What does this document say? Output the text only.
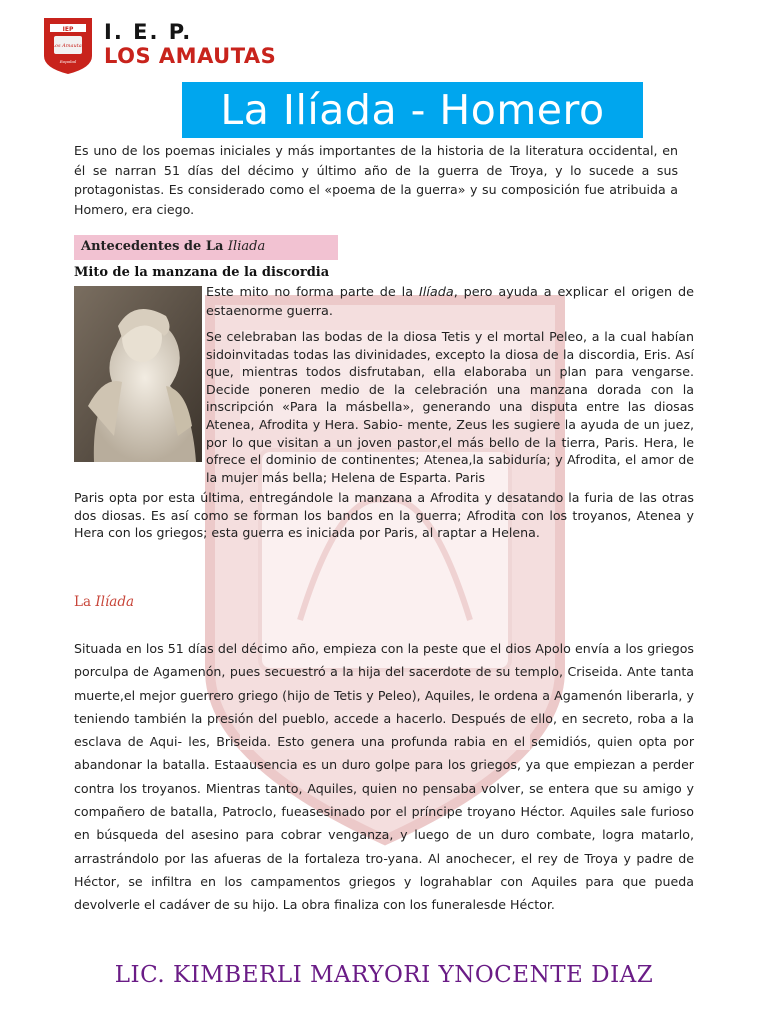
IEP
Los Amautas
Ropabal
I. E. P.
LOS AMAUTAS
La Ilíada - Homero
Es uno de los poemas iniciales y más importantes de la historia de la literatura occidental, en él se narran 51 días del décimo y último año de la guerra de Troya, y lo sucede a sus protagonistas. Es considerado como el «poema de la guerra» y su composición fue atribuida a Homero, era ciego.
Antecedentes de La Iliada
Mito de la manzana de la discordia
Este mito no forma parte de la Ilíada, pero ayuda a explicar el origen de estaenorme guerra.
Se celebraban las bodas de la diosa Tetis y el mortal Peleo, a la cual habían sidoinvitadas todas las divinidades, excepto la diosa de la discordia, Eris. Así que, mientras todos disfrutaban, ella elaboraba un plan para vengarse. Decide poneren medio de la celebración una manzana dorada con la inscripción «Para la másbella», generando una disputa entre las diosas Atenea, Afrodita y Hera. Sabio- mente, Zeus les sugiere la ayuda de un juez, por lo que visitan a un joven pastor,el más bello de la tierra, Paris. Hera, le ofrece el dominio de continentes; Atenea,la sabiduría; y Afrodita, el amor de la mujer más bella; Helena de Esparta. Paris
Paris opta por esta última, entregándole la manzana a Afrodita y desatando la furia de las otras dos diosas. Es así como se forman los bandos en la guerra; Afrodita con los troyanos, Atenea y Hera con los griegos; esta guerra es iniciada por Paris, al raptar a Helena.
La Ilíada
Situada en los 51 días del décimo año, empieza con la peste que el dios Apolo envía a los griegos porculpa de Agamenón, pues secuestró a la hija del sacerdote de su templo, Criseida. Ante tanta muerte,el mejor guerrero griego (hijo de Tetis y Peleo), Aquiles, le ordena a Agamenón liberarla, y teniendo también la presión del pueblo, accede a hacerlo. Después de ello, en secreto, roba a la esclava de Aqui- les, Briseida. Esto genera una profunda rabia en el semidiós, quien opta por abandonar la batalla. Estaausencia es un duro golpe para los griegos, ya que empiezan a perder contra los troyanos. Mientras tanto, Aquiles, quien no pensaba volver, se entera que su amigo y compañero de batalla, Patroclo, fueasesinado por el príncipe troyano Héctor. Aquiles sale furioso en búsqueda del asesino para cobrar venganza, y luego de un duro combate, logra matarlo, arrastrándolo por las afueras de la fortaleza tro-yana. Al anochecer, el rey de Troya y padre de Héctor, se infiltra en los campamentos griegos y lograhablar con Aquiles para que pueda devolverle el cadáver de su hijo. La obra finaliza con los funeralesde Héctor.
LIC. KIMBERLI MARYORI YNOCENTE DIAZ
